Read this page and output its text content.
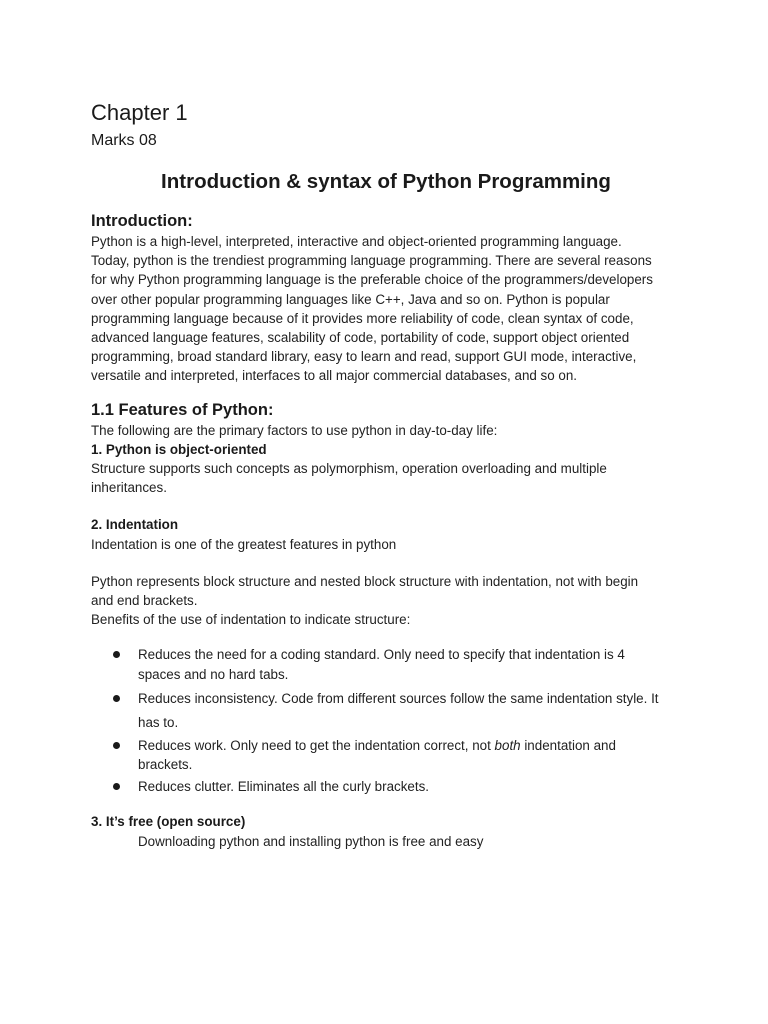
Chapter 1

Marks 08

Introduction & syntax of Python Programming

Introduction:

Python is a high-level, interpreted, interactive and object-oriented programming language.
Today, python is the trendiest programming language programming. There are several reasons
for why Python programming language is the preferable choice of the programmers/developers
over other popular programming languages like C++, Java and so on. Python is popular
programming language because of it provides more reliability of code, clean syntax of code,
advanced language features, scalability of code, portability of code, support object oriented
programming, broad standard library, easy to learn and read, support GUI mode, interactive,
versatile and interpreted, interfaces to all major commercial databases, and so on.

1.1 Features of Python:

The following are the primary factors to use python in day-to-day life:
1. Python is object-oriented
Structure supports such concepts as polymorphism, operation overloading and multiple
inheritances.
2. Indentation
Indentation is one of the greatest features in python
Python represents block structure and nested block structure with indentation, not with begin
and end brackets.
Benefits of the use of indentation to indicate structure:
Reduces the need for a coding standard. Only need to specify that indentation is 4
spaces and no hard tabs.
Reduces inconsistency. Code from different sources follow the same indentation style. It
has to.
Reduces work. Only need to get the indentation correct, not both indentation and
brackets.
Reduces clutter. Eliminates all the curly brackets.
3. It’s free (open source)
Downloading python and installing python is free and easy
